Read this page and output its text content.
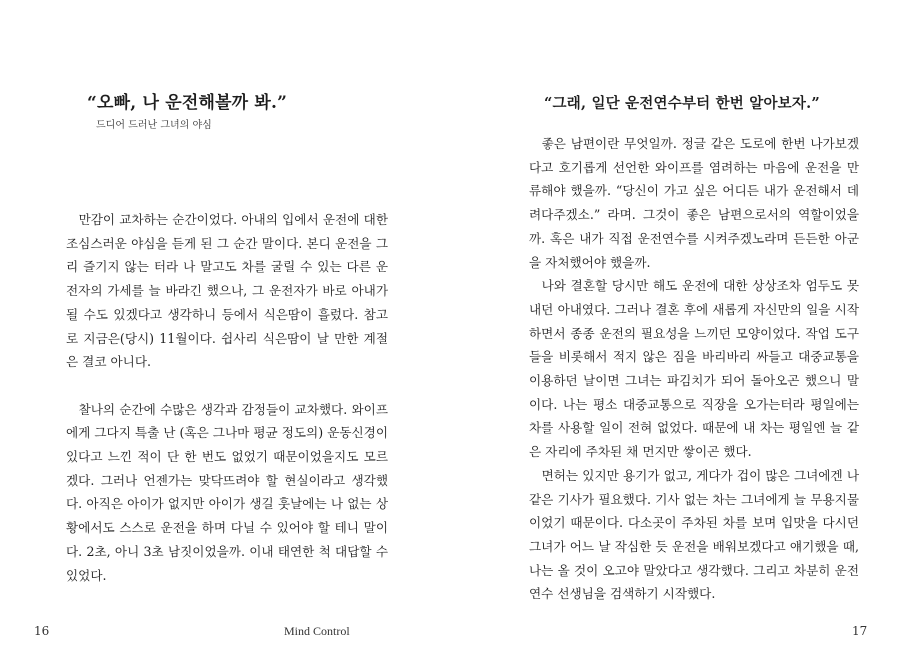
“오빠, 나 운전해볼까 봐.”
드디어 드러난 그녀의 야심

만감이 교차하는 순간이었다. 아내의 입에서 운전에 대한 조심스러운 야심을 듣게 된 그 순간 말이다. 본디 운전을 그리 즐기지 않는 터라 나 말고도 차를 굴릴 수 있는 다른 운전자의 가세를 늘 바라긴 했으나, 그 운전자가 바로 아내가 될 수도 있겠다고 생각하니 등에서 식은땀이 흘렀다. 참고로 지금은(당시) 11월이다. 쉽사리 식은땀이 날 만한 계절은 결코 아니다.

찰나의 순간에 수많은 생각과 감정들이 교차했다. 와이프에게 그다지 특출 난 (혹은 그나마 평균 정도의) 운동신경이 있다고 느낀 적이 단 한 번도 없었기 때문이었을지도 모르겠다. 그러나 언젠가는 맞닥뜨려야 할 현실이라고 생각했다. 아직은 아이가 없지만 아이가 생길 훗날에는 나 없는 상황에서도 스스로 운전을 하며 다닐 수 있어야 할 테니 말이다. 2초, 아니 3초 남짓이었을까. 이내 태연한 척 대답할 수 있었다.

16	Mind Control
“그래, 일단 운전연수부터 한번 알아보자.”

좋은 남편이란 무엇일까. 정글 같은 도로에 한번 나가보겠다고 호기롭게 선언한 와이프를 염려하는 마음에 운전을 만류해야 했을까. “당신이 가고 싶은 어디든 내가 운전해서 데려다주겠소.” 라며. 그것이 좋은 남편으로서의 역할이었을까. 혹은 내가 직접 운전연수를 시켜주겠노라며 든든한 아군을 자처했어야 했을까.

나와 결혼할 당시만 해도 운전에 대한 상상조차 엄두도 못 내던 아내였다. 그러나 결혼 후에 새롭게 자신만의 일을 시작하면서 종종 운전의 필요성을 느끼던 모양이었다. 작업 도구들을 비롯해서 적지 않은 짐을 바리바리 싸들고 대중교통을 이용하던 날이면 그녀는 파김치가 되어 돌아오곤 했으니 말이다. 나는 평소 대중교통으로 직장을 오가는터라 평일에는 차를 사용할 일이 전혀 없었다. 때문에 내 차는 평일엔 늘 같은 자리에 주차된 채 먼지만 쌓이곤 했다.

면허는 있지만 용기가 없고, 게다가 겁이 많은 그녀에겐 나 같은 기사가 필요했다. 기사 없는 차는 그녀에게 늘 무용지물이었기 때문이다. 다소곳이 주차된 차를 보며 입맛을 다시던 그녀가 어느 날 작심한 듯 운전을 배워보겠다고 얘기했을 때, 나는 올 것이 오고야 말았다고 생각했다. 그리고 차분히 운전 연수 선생님을 검색하기 시작했다.

17
